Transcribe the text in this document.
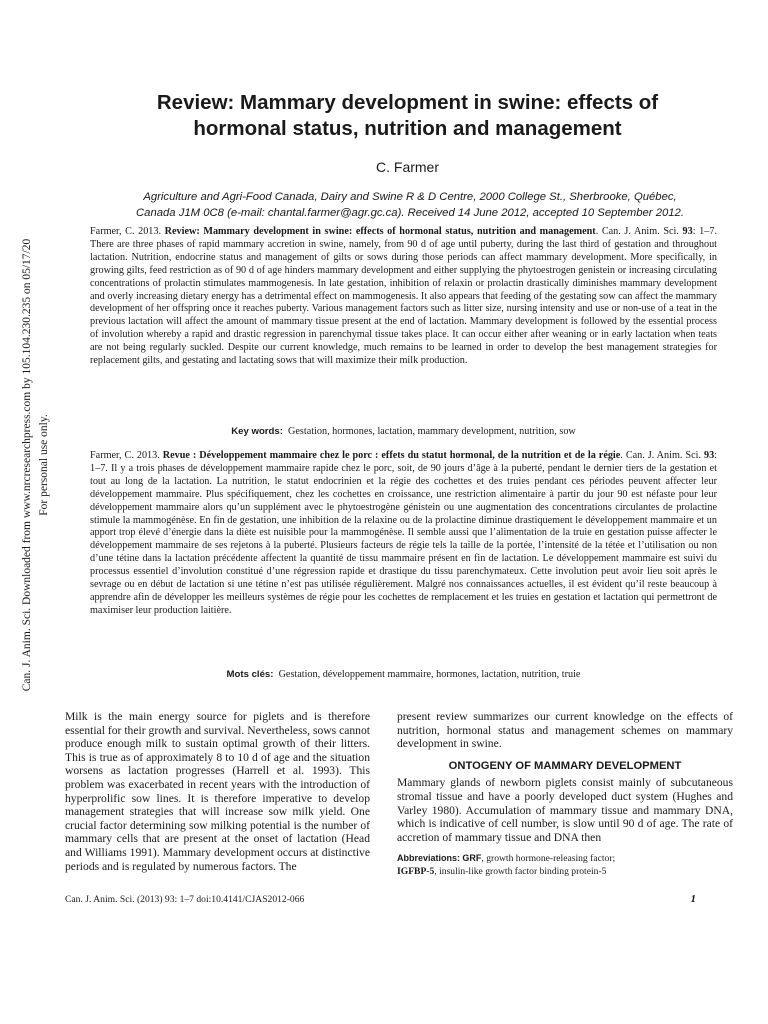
Can. J. Anim. Sci. Downloaded from www.nrcresearchpress.com by 105.104.230.235 on 05/17/20 For personal use only.
Review: Mammary development in swine: effects of
hormonal status, nutrition and management

C. Farmer

Agriculture and Agri-Food Canada, Dairy and Swine R & D Centre, 2000 College St., Sherbrooke, Québec,
Canada J1M 0C8 (e-mail: chantal.farmer@agr.gc.ca). Received 14 June 2012, accepted 10 September 2012.

Farmer, C. 2013. Review: Mammary development in swine: effects of hormonal status, nutrition and management. Can. J. Anim. Sci. 93: 1–7. There are three phases of rapid mammary accretion in swine, namely, from 90 d of age until puberty, during the last third of gestation and throughout lactation. Nutrition, endocrine status and management of gilts or sows during those periods can affect mammary development. More specifically, in growing gilts, feed restriction as of 90 d of age hinders mammary development and either supplying the phytoestrogen genistein or increasing circulating concentrations of prolactin stimulates mammogenesis. In late gestation, inhibition of relaxin or prolactin drastically diminishes mammary development and overly increasing dietary energy has a detrimental effect on mammogenesis. It also appears that feeding of the gestating sow can affect the mammary development of her offspring once it reaches puberty. Various management factors such as litter size, nursing intensity and use or non-use of a teat in the previous lactation will affect the amount of mammary tissue present at the end of lactation. Mammary development is followed by the essential process of involution whereby a rapid and drastic regression in parenchymal tissue takes place. It can occur either after weaning or in early lactation when teats are not being regularly suckled. Despite our current knowledge, much remains to be learned in order to develop the best management strategies for replacement gilts, and gestating and lactating sows that will maximize their milk production.

Key words: Gestation, hormones, lactation, mammary development, nutrition, sow

Farmer, C. 2013. Revue : Développement mammaire chez le porc : effets du statut hormonal, de la nutrition et de la régie. Can. J. Anim. Sci. 93: 1–7. Il y a trois phases de développement mammaire rapide chez le porc, soit, de 90 jours d’âge à la puberté, pendant le dernier tiers de la gestation et tout au long de la lactation. La nutrition, le statut endocrinien et la régie des cochettes et des truies pendant ces périodes peuvent affecter leur développement mammaire. Plus spécifiquement, chez les cochettes en croissance, une restriction alimentaire à partir du jour 90 est néfaste pour leur développement mammaire alors qu’un supplément avec le phytoestrogène génistein ou une augmentation des concentrations circulantes de prolactine stimule la mammogénèse. En fin de gestation, une inhibition de la relaxine ou de la prolactine diminue drastiquement le développement mammaire et un apport trop élevé d’énergie dans la diète est nuisible pour la mammogénèse. Il semble aussi que l’alimentation de la truie en gestation puisse affecter le développement mammaire de ses rejetons à la puberté. Plusieurs facteurs de régie tels la taille de la portée, l’intensité de la tétée et l’utilisation ou non d’une tétine dans la lactation précédente affectent la quantité de tissu mammaire présent en fin de lactation. Le développement mammaire est suivi du processus essentiel d’involution constitué d’une régression rapide et drastique du tissu parenchymateux. Cette involution peut avoir lieu soit après le sevrage ou en début de lactation si une tétine n’est pas utilisée régulièrement. Malgré nos connaissances actuelles, il est évident qu’il reste beaucoup à apprendre afin de développer les meilleurs systèmes de régie pour les cochettes de remplacement et les truies en gestation et lactation qui permettront de maximiser leur production laitière.

Mots clés: Gestation, développement mammaire, hormones, lactation, nutrition, truie

Milk is the main energy source for piglets and is therefore essential for their growth and survival. Nevertheless, sows cannot produce enough milk to sustain optimal growth of their litters. This is true as of approximately 8 to 10 d of age and the situation worsens as lactation progresses (Harrell et al. 1993). This problem was exacerbated in recent years with the introduction of hyperprolific sow lines. It is therefore imperative to develop management strategies that will increase sow milk yield. One crucial factor determining sow milking potential is the number of mammary cells that are present at the onset of lactation (Head and Williams 1991). Mammary development occurs at distinctive periods and is regulated by numerous factors. The

present review summarizes our current knowledge on the effects of nutrition, hormonal status and management schemes on mammary development in swine.

ONTOGENY OF MAMMARY DEVELOPMENT

Mammary glands of newborn piglets consist mainly of subcutaneous stromal tissue and have a poorly developed duct system (Hughes and Varley 1980). Accumulation of mammary tissue and mammary DNA, which is indicative of cell number, is slow until 90 d of age. The rate of accretion of mammary tissue and DNA then

Abbreviations: GRF, growth hormone-releasing factor;
IGFBP-5, insulin-like growth factor binding protein-5

Can. J. Anim. Sci. (2013) 93: 1–7 doi:10.4141/CJAS2012-066	1
